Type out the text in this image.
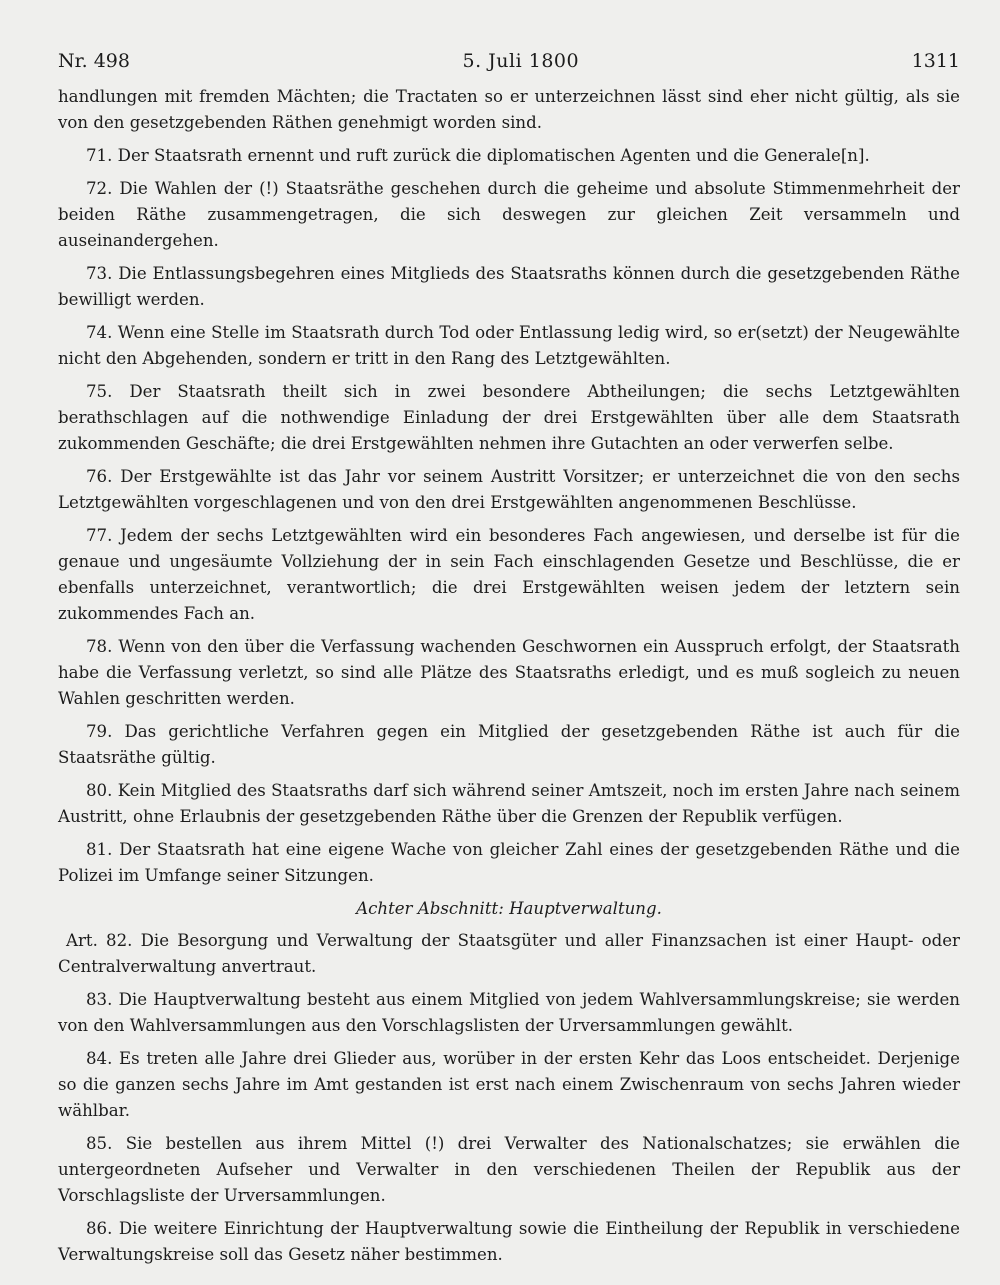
Nr. 498	5. Juli 1800	1311

handlungen mit fremden Mächten; die Tractaten so er unterzeichnen lässt sind eher nicht gültig, als sie von den gesetzgebenden Räthen genehmigt worden sind.

71. Der Staatsrath ernennt und ruft zurück die diplomatischen Agenten und die Generale[n].

72. Die Wahlen der (!) Staatsräthe geschehen durch die geheime und absolute Stimmenmehrheit der beiden Räthe zusammengetragen, die sich deswegen zur gleichen Zeit versammeln und auseinandergehen.

73. Die Entlassungsbegehren eines Mitglieds des Staatsraths können durch die gesetzgebenden Räthe bewilligt werden.

74. Wenn eine Stelle im Staatsrath durch Tod oder Entlassung ledig wird, so er(setzt) der Neugewählte nicht den Abgehenden, sondern er tritt in den Rang des Letztgewählten.

75. Der Staatsrath theilt sich in zwei besondere Abtheilungen; die sechs Letztgewählten berathschlagen auf die nothwendige Einladung der drei Erstgewählten über alle dem Staatsrath zukommenden Geschäfte; die drei Erstgewählten nehmen ihre Gutachten an oder verwerfen selbe.

76. Der Erstgewählte ist das Jahr vor seinem Austritt Vorsitzer; er unterzeichnet die von den sechs Letztgewählten vorgeschlagenen und von den drei Erstgewählten angenommenen Beschlüsse.

77. Jedem der sechs Letztgewählten wird ein besonderes Fach angewiesen, und derselbe ist für die genaue und ungesäumte Vollziehung der in sein Fach einschlagenden Gesetze und Beschlüsse, die er ebenfalls unterzeichnet, verantwortlich; die drei Erstgewählten weisen jedem der letztern sein zukommendes Fach an.

78. Wenn von den über die Verfassung wachenden Geschwornen ein Ausspruch erfolgt, der Staatsrath habe die Verfassung verletzt, so sind alle Plätze des Staatsraths erledigt, und es muß sogleich zu neuen Wahlen geschritten werden.

79. Das gerichtliche Verfahren gegen ein Mitglied der gesetzgebenden Räthe ist auch für die Staatsräthe gültig.

80. Kein Mitglied des Staatsraths darf sich während seiner Amtszeit, noch im ersten Jahre nach seinem Austritt, ohne Erlaubnis der gesetzgebenden Räthe über die Grenzen der Republik verfügen.

81. Der Staatsrath hat eine eigene Wache von gleicher Zahl eines der gesetzgebenden Räthe und die Polizei im Umfange seiner Sitzungen.

Achter Abschnitt: Hauptverwaltung.

Art. 82. Die Besorgung und Verwaltung der Staatsgüter und aller Finanzsachen ist einer Haupt- oder Centralverwaltung anvertraut.

83. Die Hauptverwaltung besteht aus einem Mitglied von jedem Wahlversammlungskreise; sie werden von den Wahlversammlungen aus den Vorschlagslisten der Urversammlungen gewählt.

84. Es treten alle Jahre drei Glieder aus, worüber in der ersten Kehr das Loos entscheidet. Derjenige so die ganzen sechs Jahre im Amt gestanden ist erst nach einem Zwischenraum von sechs Jahren wieder wählbar.

85. Sie bestellen aus ihrem Mittel (!) drei Verwalter des Nationalschatzes; sie erwählen die untergeordneten Aufseher und Verwalter in den verschiedenen Theilen der Republik aus der Vorschlagsliste der Urversammlungen.

86. Die weitere Einrichtung der Hauptverwaltung sowie die Eintheilung der Republik in verschiedene Verwaltungskreise soll das Gesetz näher bestimmen.
